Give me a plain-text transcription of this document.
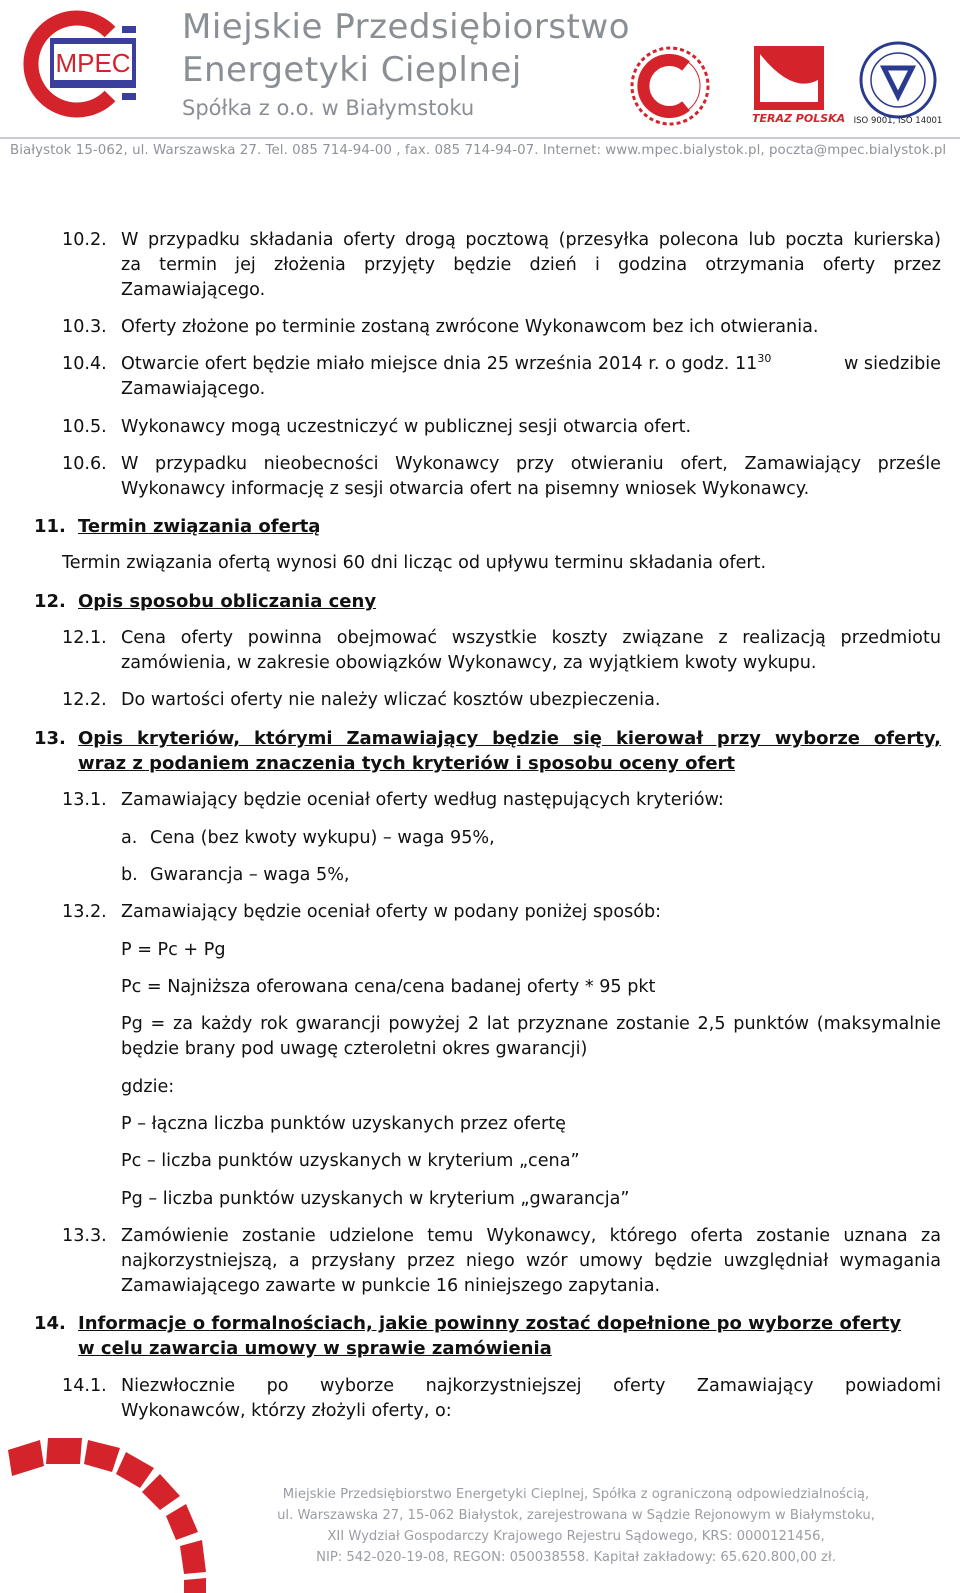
MPEC
Miejskie Przedsiębiorstwo
Energetyki Cieplnej
Spółka z o.o. w Białymstoku	TERAZ POLSKA ISO 9001, ISO 14001
Białystok 15-062, ul. Warszawska 27. Tel. 085 714-94-00 , fax. 085 714-94-07. Internet: www.mpec.bialystok.pl, poczta@mpec.bialystok.pl
10.2. W przypadku składania oferty drogą pocztową (przesyłka polecona lub poczta kurierska)
za termin jej złożenia przyjęty będzie dzień i godzina otrzymania oferty przez
Zamawiającego.
10.3. Oferty złożone po terminie zostaną zwrócone Wykonawcom bez ich otwierania.
10.4. Otwarcie ofert będzie miało miejsce dnia 25 września 2014 r. o godz. $11^{30}$	w siedzibie
Zamawiającego.
10.5. Wykonawcy mogą uczestniczyć w publicznej sesji otwarcia ofert.
10.6. W przypadku nieobecności Wykonawcy przy otwieraniu ofert, Zamawiający prześle
Wykonawcy informację z sesji otwarcia ofert na pisemny wniosek Wykonawcy.
11. Termin związania ofertą
Termin związania ofertą wynosi 60 dni licząc od upływu terminu składania ofert.
12. Opis sposobu obliczania ceny
12.1. Cena oferty powinna obejmować wszystkie koszty związane z realizacją przedmiotu
zamówienia, w zakresie obowiązków Wykonawcy, za wyjątkiem kwoty wykupu.
12.2. Do wartości oferty nie należy wliczać kosztów ubezpieczenia.
13. Opis kryteriów, którymi Zamawiający będzie się kierował przy wyborze oferty,
wraz z podaniem znaczenia tych kryteriów i sposobu oceny ofert
13.1. Zamawiający będzie oceniał oferty według następujących kryteriów:
a. Cena (bez kwoty wykupu) – waga 95%,
b. Gwarancja – waga 5%,
13.2. Zamawiający będzie oceniał oferty w podany poniżej sposób:
P = Pc + Pg
Pc = Najniższa oferowana cena/cena badanej oferty * 95 pkt
Pg = za każdy rok gwarancji powyżej 2 lat przyznane zostanie 2,5 punktów (maksymalnie
będzie brany pod uwagę czteroletni okres gwarancji)
gdzie:
P – łączna liczba punktów uzyskanych przez ofertę
Pc – liczba punktów uzyskanych w kryterium „cena”
Pg – liczba punktów uzyskanych w kryterium „gwarancja”
13.3. Zamówienie zostanie udzielone temu Wykonawcy, którego oferta zostanie uznana za
najkorzystniejszą, a przysłany przez niego wzór umowy będzie uwzględniał wymagania
Zamawiającego zawarte w punkcie 16 niniejszego zapytania.
14. Informacje o formalnościach, jakie powinny zostać dopełnione po wyborze oferty
w celu zawarcia umowy w sprawie zamówienia
14.1. Niezwłocznie po wyborze najkorzystniejszej oferty Zamawiający powiadomi
Wykonawców, którzy złożyli oferty, o:
Miejskie Przedsiębiorstwo Energetyki Cieplnej, Spółka z ograniczoną odpowiedzialnością,
ul. Warszawska 27, 15-062 Białystok, zarejestrowana w Sądzie Rejonowym w Białymstoku,
XII Wydział Gospodarczy Krajowego Rejestru Sądowego, KRS: 0000121456,
NIP: 542-020-19-08, REGON: 050038558. Kapitał zakładowy: 65.620.800,00 zł.
